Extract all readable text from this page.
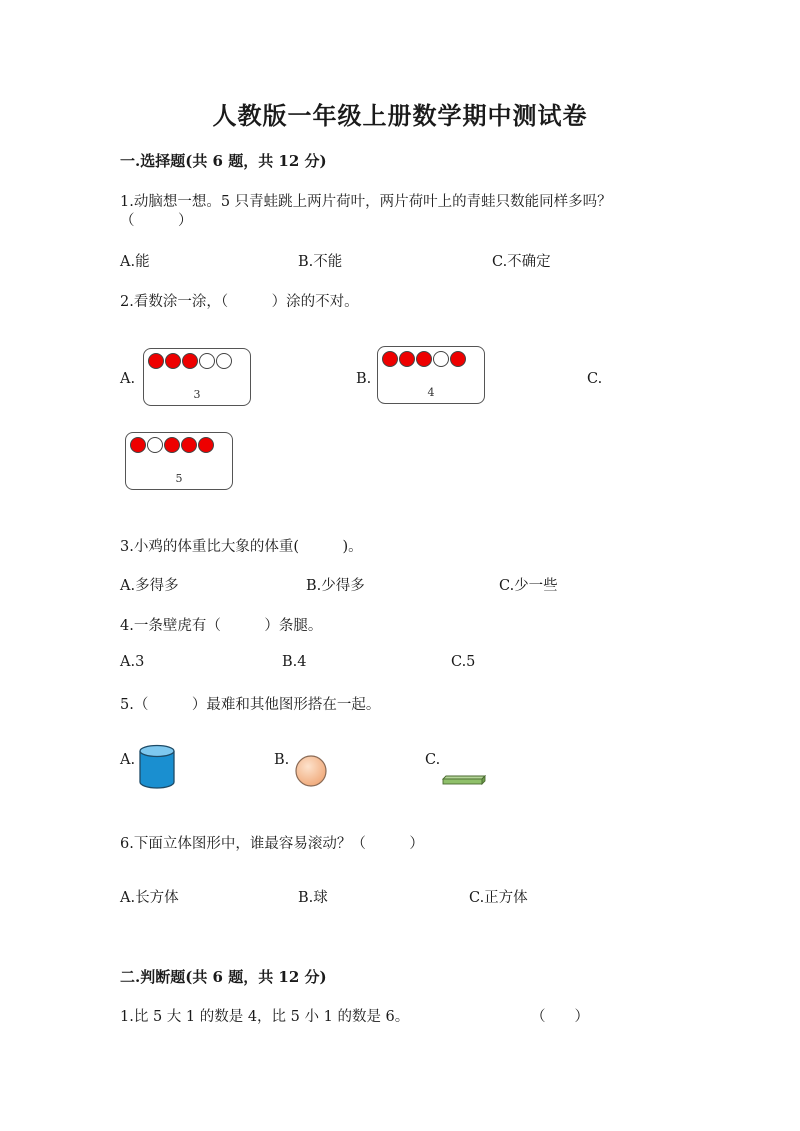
人教版一年级上册数学期中测试卷
一.选择题(共 6 题，共 12 分)
1.动脑想一想。5 只青蛙跳上两片荷叶，两片荷叶上的青蛙只数能同样多吗？
（　　　）
A.能	B.不能	C.不确定
2.看数涂一涂，（　　　）涂的不对。
A.	B.	C.
3	4
5
3.小鸡的体重比大象的体重(　　　)。
A.多得多	B.少得多	C.少一些
4.一条壁虎有（　　　）条腿。
A.3	B.4	C.5
5.（　　　）最难和其他图形搭在一起。
A.	B.	C.
6.下面立体图形中，谁最容易滚动？（　　　）
A.长方体	B.球	C.正方体
二.判断题(共 6 题，共 12 分)
1.比 5 大 1 的数是 4，比 5 小 1 的数是 6。	（　　）
